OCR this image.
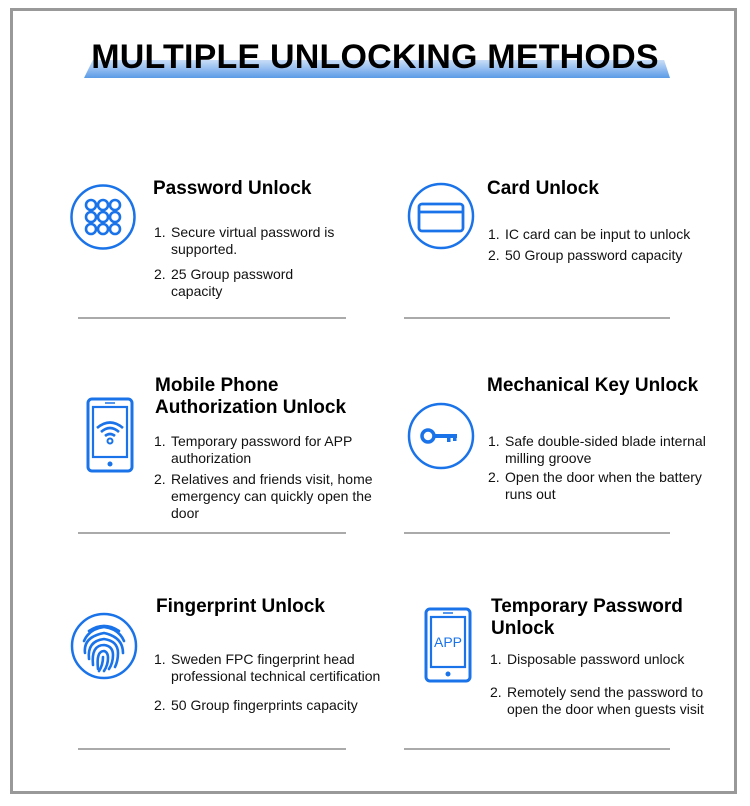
MULTIPLE UNLOCKING METHODS
Password Unlock
1. Secure virtual password is supported.
2. 25 Group password capacity
Card Unlock
1. IC card can be input to unlock
2. 50 Group password capacity
Mobile Phone Authorization Unlock
1. Temporary password for APP authorization
2. Relatives and friends visit, home emergency can quickly open the door
Mechanical Key Unlock
1. Safe double-sided blade internal milling groove
2. Open the door when the battery runs out
Fingerprint Unlock
1. Sweden FPC fingerprint head professional technical certification
2. 50 Group fingerprints capacity
APP
Temporary Password Unlock
1. Disposable password unlock
2. Remotely send the password to open the door when guests visit
